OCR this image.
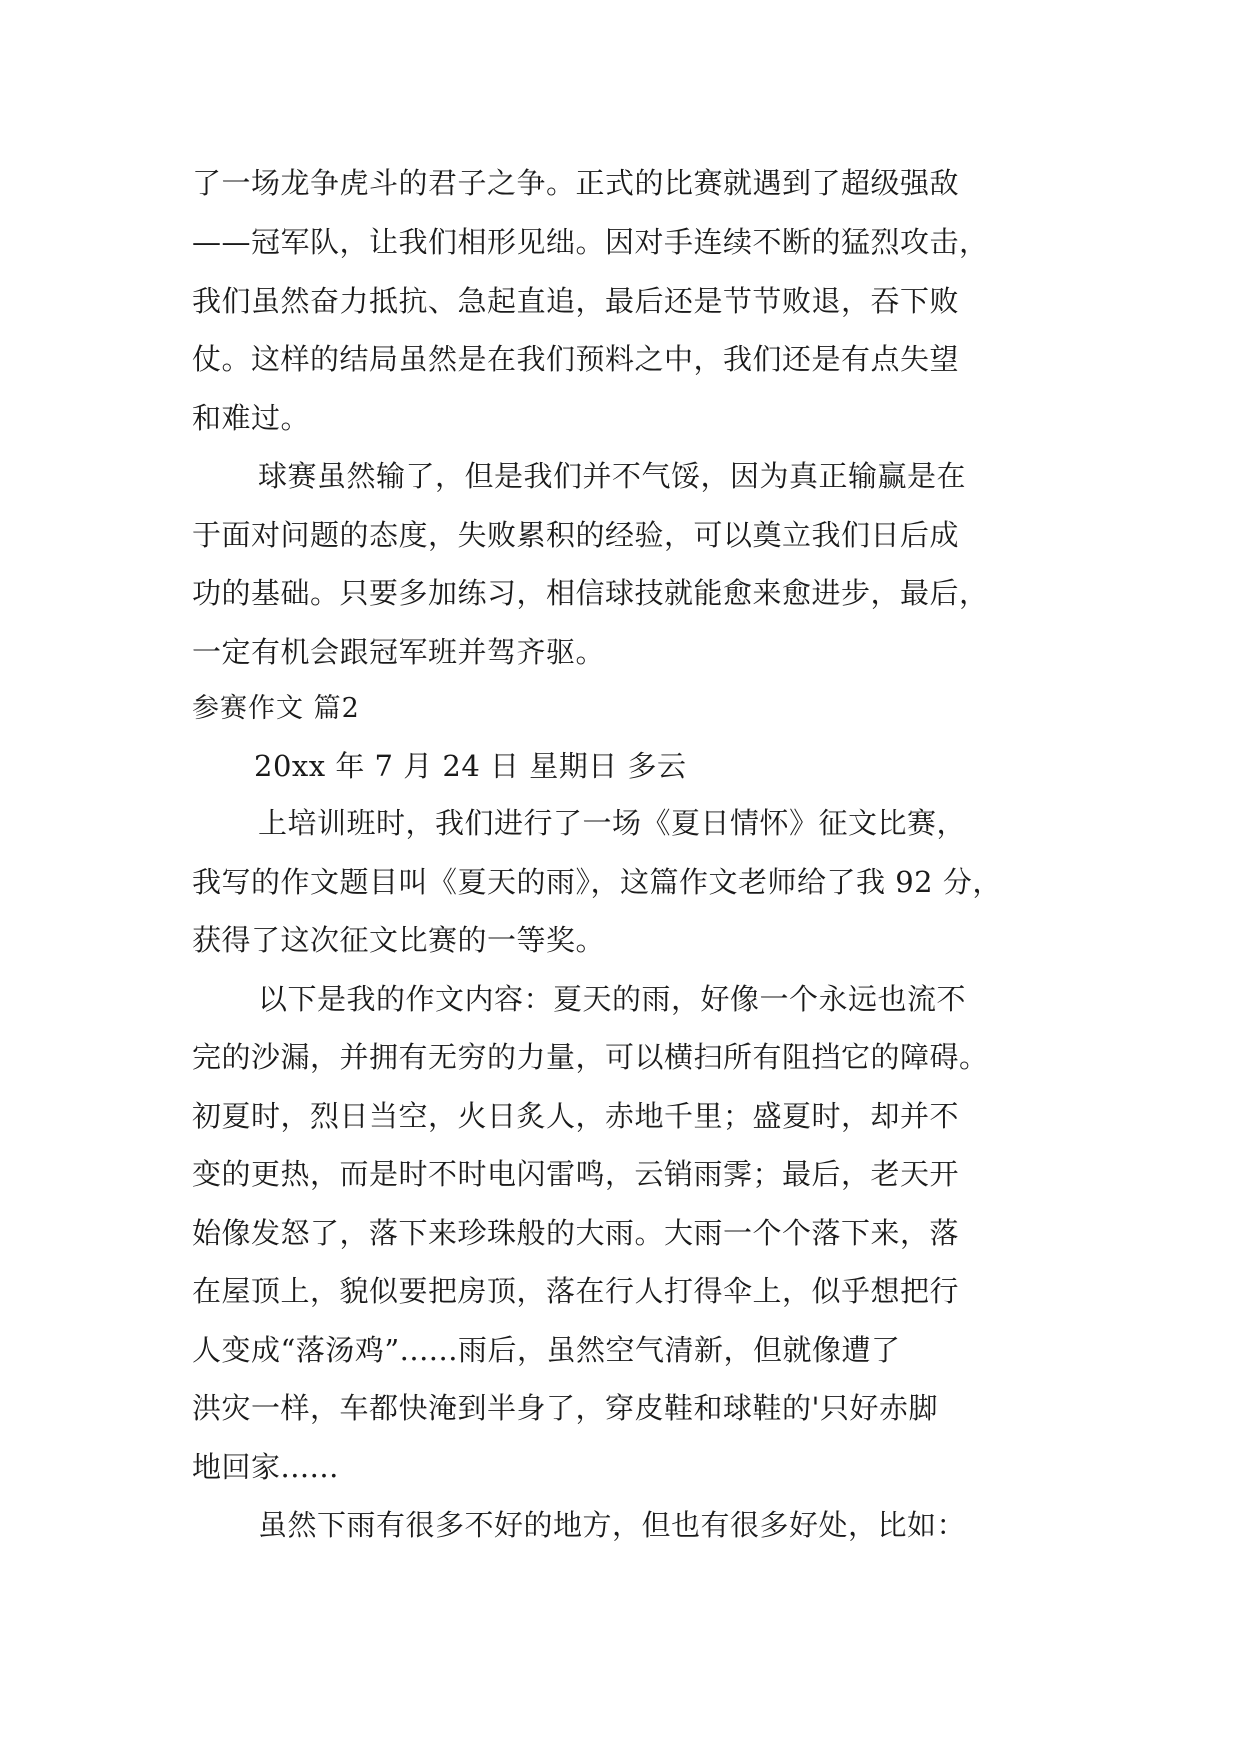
了一场龙争虎斗的君子之争。正式的比赛就遇到了超级强敌
——冠军队，让我们相形见绌。因对手连续不断的猛烈攻击，
我们虽然奋力抵抗、急起直追，最后还是节节败退，吞下败
仗。这样的结局虽然是在我们预料之中，我们还是有点失望
和难过。
球赛虽然输了，但是我们并不气馁，因为真正输赢是在
于面对问题的态度，失败累积的经验，可以奠立我们日后成
功的基础。只要多加练习，相信球技就能愈来愈进步，最后，
一定有机会跟冠军班并驾齐驱。
参赛作文 篇2
20xx 年 7 月 24 日 星期日 多云
上培训班时，我们进行了一场《夏日情怀》征文比赛，
我写的作文题目叫《夏天的雨》，这篇作文老师给了我 92 分，
获得了这次征文比赛的一等奖。
以下是我的作文内容：夏天的雨，好像一个永远也流不
完的沙漏，并拥有无穷的力量，可以横扫所有阻挡它的障碍。
初夏时，烈日当空，火日炙人，赤地千里；盛夏时，却并不
变的更热，而是时不时电闪雷鸣，云销雨霁；最后，老天开
始像发怒了，落下来珍珠般的大雨。大雨一个个落下来，落
在屋顶上，貌似要把房顶，落在行人打得伞上，似乎想把行
人变成“落汤鸡”......雨后，虽然空气清新，但就像遭了
洪灾一样，车都快淹到半身了，穿皮鞋和球鞋的'只好赤脚
地回家......
虽然下雨有很多不好的地方，但也有很多好处，比如：
